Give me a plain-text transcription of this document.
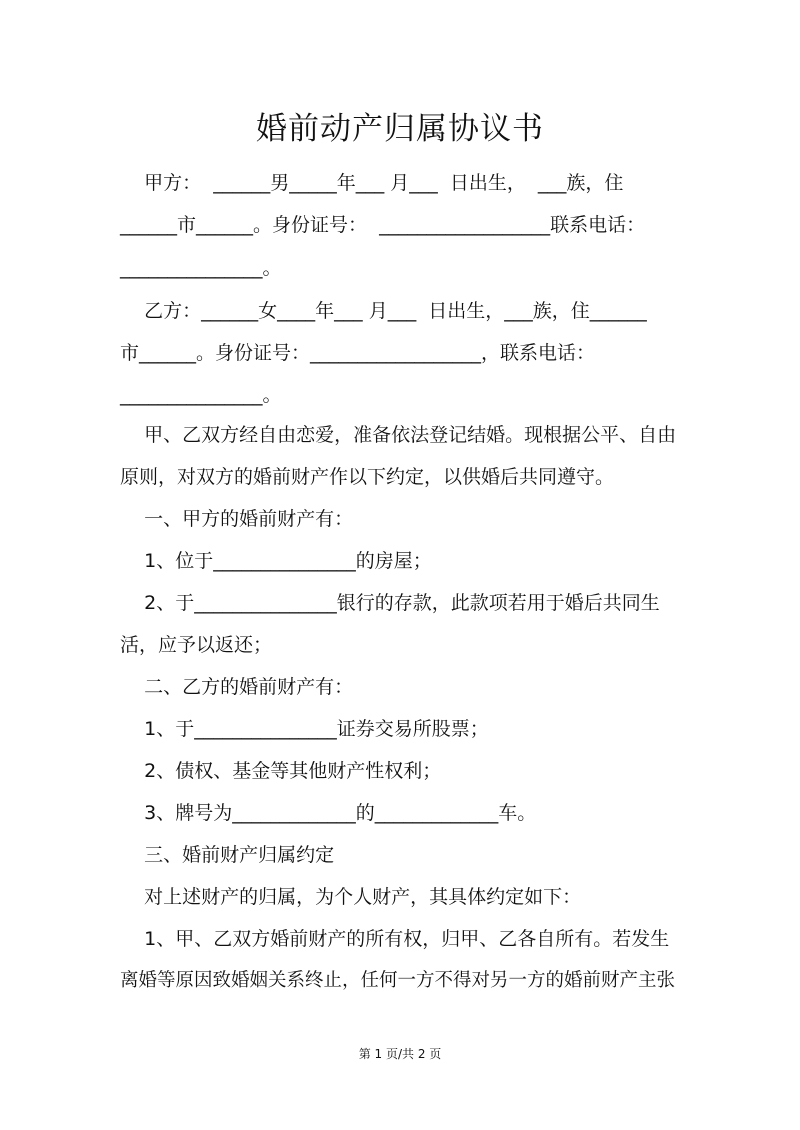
婚前动产归属协议书
甲方：  ______男_____年___ 月___  日出生，  ___族，住
______市______。身份证号：  __________________联系电话：
_______________。
乙方：______女____年___ 月___  日出生，___族，住______
市______。身份证号：__________________，联系电话：
_______________。
甲、乙双方经自由恋爱，准备依法登记结婚。现根据公平、自由
原则，对双方的婚前财产作以下约定，以供婚后共同遵守。
一、甲方的婚前财产有：
1、位于_______________的房屋；
2、于_______________银行的存款，此款项若用于婚后共同生
活，应予以返还；
二、乙方的婚前财产有：
1、于_______________证券交易所股票；
2、债权、基金等其他财产性权利；
3、牌号为_____________的_____________车。
三、婚前财产归属约定
对上述财产的归属，为个人财产，其具体约定如下：
1、甲、乙双方婚前财产的所有权，归甲、乙各自所有。若发生
离婚等原因致婚姻关系终止，任何一方不得对另一方的婚前财产主张
第 1 页/共 2 页
